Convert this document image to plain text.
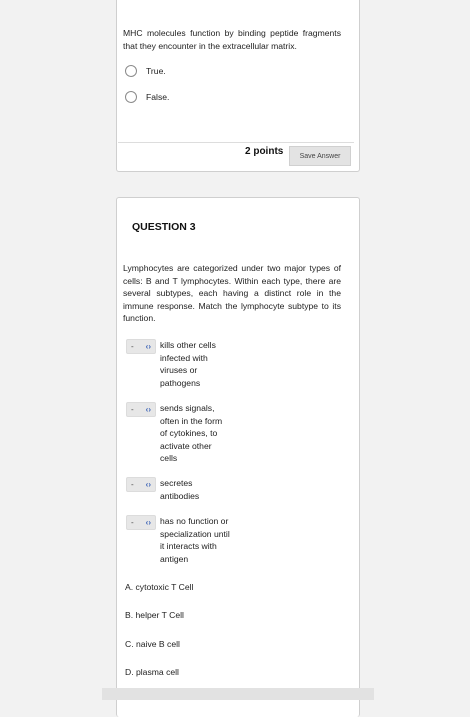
MHC molecules function by binding peptide fragments that they encounter in the extracellular matrix.
True.
False.
2 points	Save Answer
QUESTION 3
Lymphocytes are categorized under two major types of cells: B and T lymphocytes. Within each type, there are several subtypes, each having a distinct role in the immune response. Match the lymphocyte subtype to its function.
- ‹› kills other cells infected with viruses or pathogens
- ‹› sends signals, often in the form of cytokines, to activate other cells
- ‹› secretes antibodies
- ‹› has no function or specialization until it interacts with antigen
A. cytotoxic T Cell
B. helper T Cell
C. naive B cell
D. plasma cell
